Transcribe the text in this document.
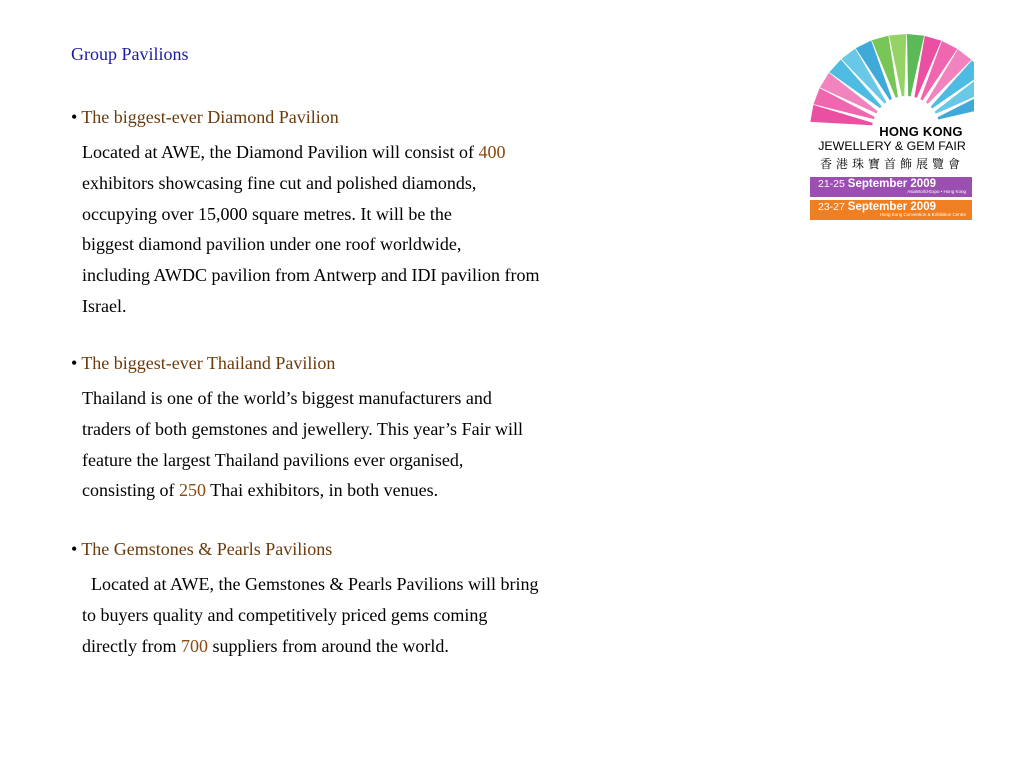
Group Pavilions

• The biggest-ever Diamond Pavilion

Located at AWE, the Diamond Pavilion will consist of 400
exhibitors showcasing fine cut and polished diamonds,
occupying over 15,000 square metres. It will be the
biggest diamond pavilion under one roof worldwide,
including AWDC pavilion from Antwerp and IDI pavilion from
Israel.

• The biggest-ever Thailand Pavilion

Thailand is one of the world’s biggest manufacturers and
traders of both gemstones and jewellery. This year’s Fair will
feature the largest Thailand pavilions ever organised,
consisting of 250 Thai exhibitors, in both venues.

• The Gemstones & Pearls Pavilions

Located at AWE, the Gemstones & Pearls Pavilions will bring
to buyers quality and competitively priced gems coming
directly from 700 suppliers from around the world.

HONG KONG

JEWELLERY & GEM FAIR

香港珠寶首飾展覽會

21-25 September 2009
AsiaWorld-Expo • Hong Kong
23-27 September 2009
Hong Kong Convention & Exhibition Centre
